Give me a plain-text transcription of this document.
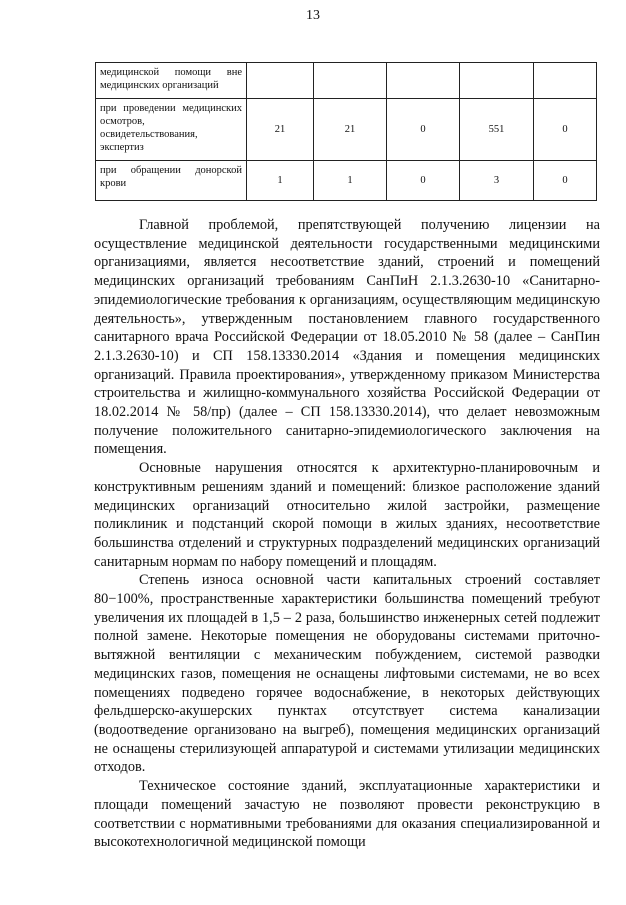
13
медицинской помощи вне медицинских организаций					
при проведении медицинских осмотров, освидетельствования, экспертиз	21	21	0	551	0
при обращении донорской крови	1	1	0	3	0

Главной проблемой, препятствующей получению лицензии на осуществление медицинской деятельности государственными медицинскими организациями, является несоответствие зданий, строений и помещений медицинских организаций требованиям СанПиН 2.1.3.2630-10 «Санитарно-эпидемиологические требования к организациям, осуществляющим медицинскую деятельность», утвержденным постановлением главного государственного санитарного врача Российской Федерации от 18.05.2010 № 58 (далее – СанПин 2.1.3.2630-10) и СП 158.13330.2014 «Здания и помещения медицинских организаций. Правила проектирования», утвержденному приказом Министерства строительства и жилищно-коммунального хозяйства Российской Федерации от 18.02.2014 № 58/пр) (далее – СП 158.13330.2014), что делает невозможным получение положительного санитарно-эпидемиологического заключения на помещения.

Основные нарушения относятся к архитектурно-планировочным и конструктивным решениям зданий и помещений: близкое расположение зданий медицинских организаций относительно жилой застройки, размещение поликлиник и подстанций скорой помощи в жилых зданиях, несоответствие большинства отделений и структурных подразделений медицинских организаций санитарным нормам по набору помещений и площадям.

Степень износа основной части капитальных строений составляет 80−100%, пространственные характеристики большинства помещений требуют увеличения их площадей в 1,5 – 2 раза, большинство инженерных сетей подлежит полной замене. Некоторые помещения не оборудованы системами приточно-вытяжной вентиляции с механическим побуждением, системой разводки медицинских газов, помещения не оснащены лифтовыми системами, не во всех помещениях подведено горячее водоснабжение, в некоторых действующих фельдшерско-акушерских пунктах отсутствует система канализации (водоотведение организовано на выгреб), помещения медицинских организаций не оснащены стерилизующей аппаратурой и системами утилизации медицинских отходов.

Техническое состояние зданий, эксплуатационные характеристики и площади помещений зачастую не позволяют провести реконструкцию в соответствии с нормативными требованиями для оказания специализированной и высокотехнологичной медицинской помощи
